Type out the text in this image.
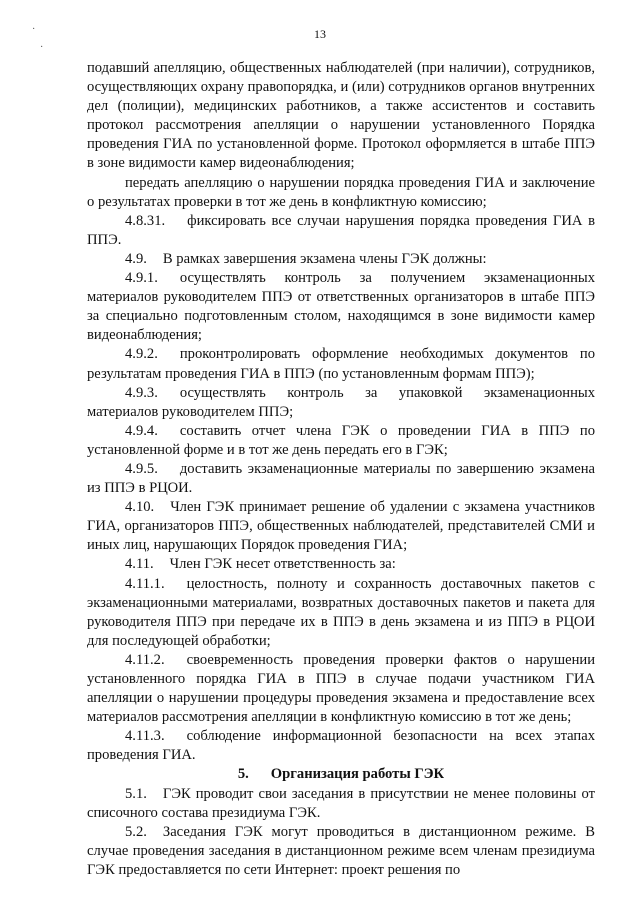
·
·
13

подавший апелляцию, общественных наблюдателей (при наличии), сотрудников, осуществляющих охрану правопорядка, и (или) сотрудников органов внутренних дел (полиции), медицинских работников, а также ассистентов и составить протокол рассмотрения апелляции о нарушении установленного Порядка проведения ГИА по установленной форме. Протокол оформляется в штабе ППЭ в зоне видимости камер видеонаблюдения;

передать апелляцию о нарушении порядка проведения ГИА и заключение о результатах проверки в тот же день в конфликтную комиссию;

4.8.31. фиксировать все случаи нарушения порядка проведения ГИА в ППЭ.

4.9. В рамках завершения экзамена члены ГЭК должны:

4.9.1. осуществлять контроль за получением экзаменационных материалов руководителем ППЭ от ответственных организаторов в штабе ППЭ за специально подготовленным столом, находящимся в зоне видимости камер видеонаблюдения;

4.9.2. проконтролировать оформление необходимых документов по результатам проведения ГИА в ППЭ (по установленным формам ППЭ);

4.9.3. осуществлять контроль за упаковкой экзаменационных материалов руководителем ППЭ;

4.9.4. составить отчет члена ГЭК о проведении ГИА в ППЭ по установленной форме и в тот же день передать его в ГЭК;

4.9.5. доставить экзаменационные материалы по завершению экзамена из ППЭ в РЦОИ.

4.10. Член ГЭК принимает решение об удалении с экзамена участников ГИА, организаторов ППЭ, общественных наблюдателей, представителей СМИ и иных лиц, нарушающих Порядок проведения ГИА;

4.11. Член ГЭК несет ответственность за:

4.11.1. целостность, полноту и сохранность доставочных пакетов с экзаменационными материалами, возвратных доставочных пакетов и пакета для руководителя ППЭ при передаче их в ППЭ в день экзамена и из ППЭ в РЦОИ для последующей обработки;

4.11.2. своевременность проведения проверки фактов о нарушении установленного порядка ГИА в ППЭ в случае подачи участником ГИА апелляции о нарушении процедуры проведения экзамена и предоставление всех материалов рассмотрения апелляции в конфликтную комиссию в тот же день;

4.11.3. соблюдение информационной безопасности на всех этапах проведения ГИА.

5. Организация работы ГЭК

5.1. ГЭК проводит свои заседания в присутствии не менее половины от списочного состава президиума ГЭК.

5.2. Заседания ГЭК могут проводиться в дистанционном режиме. В случае проведения заседания в дистанционном режиме всем членам президиума ГЭК предоставляется по сети Интернет: проект решения по
